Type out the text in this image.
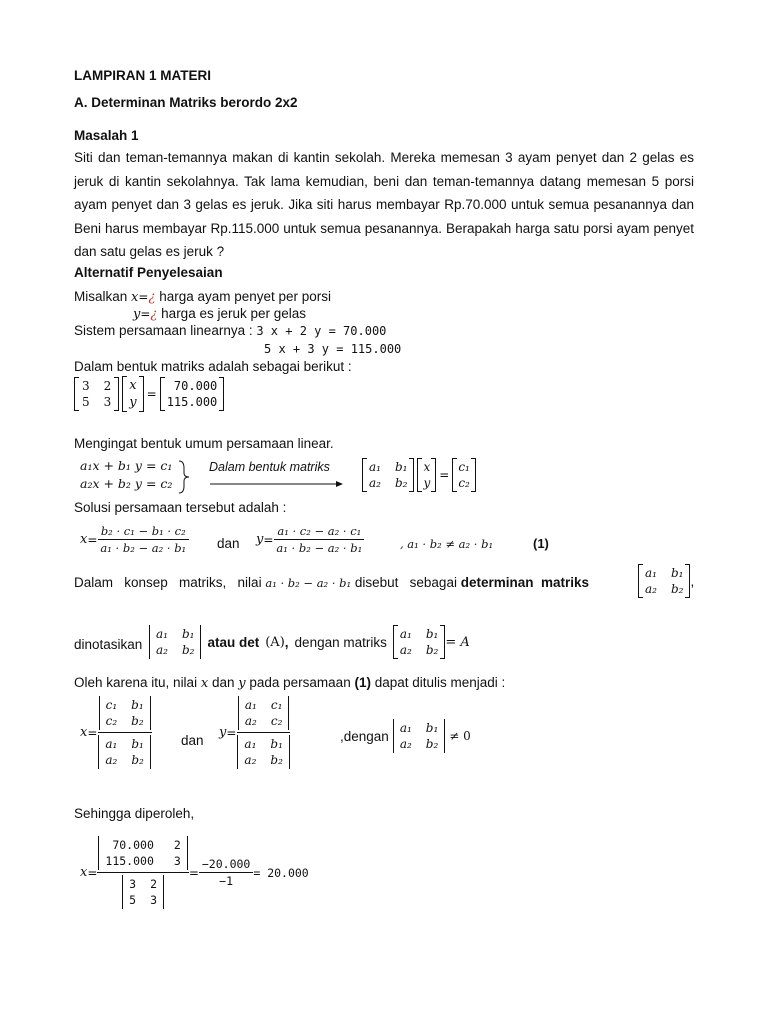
LAMPIRAN 1 MATERI
A. Determinan Matriks berordo 2x2
Masalah 1
Siti dan teman-temannya makan di kantin sekolah. Mereka memesan 3 ayam penyet dan 2 gelas es jeruk di kantin sekolahnya. Tak lama kemudian, beni dan teman-temannya datang memesan 5 porsi ayam penyet dan 3 gelas es jeruk. Jika siti harus membayar Rp.70.000 untuk semua pesanannya dan Beni harus membayar Rp.115.000 untuk semua pesanannya. Berapakah harga satu porsi ayam penyet dan satu gelas es jeruk ?
Alternatif Penyelesaian
Misalkan x=¿ harga ayam penyet per porsi
y=¿ harga es jeruk per gelas
Sistem persamaan linearnya : 3 x + 2 y = 70.000
5 x + 3 y = 115.000
Dalam bentuk matriks adalah sebagai berikut :
3 2
5 3
x
y
=
70.000
115.000
Mengingat bentuk umum persamaan linear.
a₁x + b₁ y = c₁
a₂x + b₂ y = c₂
Dalam bentuk matriks	a₁ b₁
a₂ b₂
x
y
=
c₁
c₂
Solusi persamaan tersebut adalah :
$x = \frac{\text{b₂ · c₁ − b₁ · c₂}}{\text{a₁ · b₂ − a₂ · b₁}}$ dan $y = \frac{\text{a₁ · c₂ − a₂ · c₁}}{\text{a₁ · b₂ − a₂ · b₁}}$	, a₁ · b₂ ≠ a₂ · b₁	(1)
Dalam   konsep   matriks,   nilai a₁ · b₂ − a₂ · b₁ disebut   sebagai determinan  matriks
a₁ b₁
a₂ b₂
,
dinotasikan
a₁ b₁
a₂ b₂
atau det (A) , dengan matriks
a₁ b₁
a₂ b₂
= A
Oleh karena itu, nilai x dan y pada persamaan (1) dapat ditulis menjadi :
x = c₁ b₁
c₂ b₂
a₁ b₁
a₂ b₂ dan
y = a₁ c₁
a₂ c₂
a₁ b₁
a₂ b₂	,dengan
a₁ b₁
a₂ b₂
≠ 0
Sehingga diperoleh,
x = 70.000 2
115.000 3
3 2
5 $3 = \frac{-20.000}{-1} = 20.000$
